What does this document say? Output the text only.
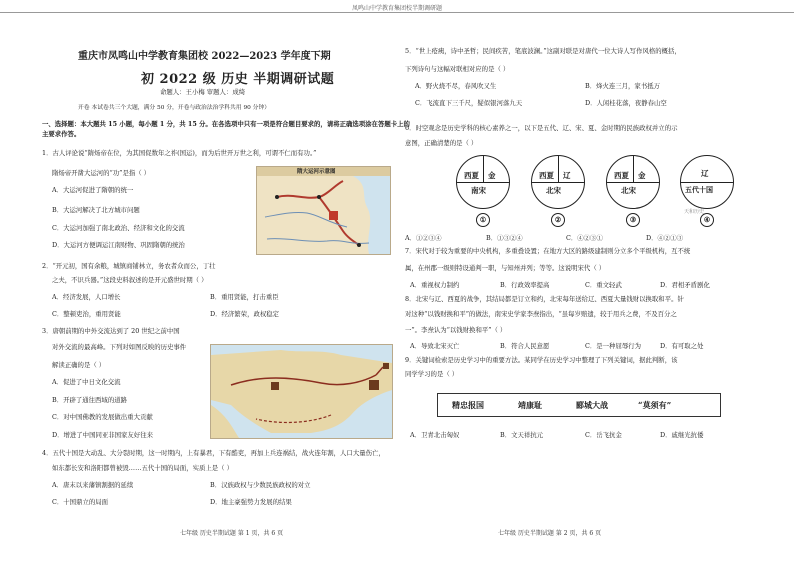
凤鸣山中学教育集团校半期调研题
重庆市凤鸣山中学教育集团校 2022—2023 学年度下期
初 2022 级 历史 半期调研试题
命题人：王小梅 审题人：成绮
开卷 本试卷共三个大题，满分 50 分，开卷与政治法治学科共用 90 分钟）
一、选择题：本大题共 15 小题，每小题 1 分，共 15 分。在各选项中只有一项是符合题目要求的，请将正确选项涂在答题卡上的
主要求作答。
1．古人评论说“隋炀帝在位，为其国促数年之祚(国运)，而为后世开万世之利，可谓不仁而有功。”
隋炀帝开凿大运河的“功”是指（ ）
A．大运河促进了隋朝的统一
B．大运河解决了北方城市问题
C．大运河加强了南北政治、经济和文化的交流
D．大运河方便调运江南财物、巩固隋朝的统治
隋大运河示意图
2．“开元初，国有余粮，城镇商铺林立，务农者众而公，丁壮
之夫，不识兵器。”这段史料叙述的是开元盛世时期（ ）
A．经济发展，人口增长	B．重用贤能，打击重臣
C．整顿吏治，重用贤能	D．经济繁荣，政权稳定
3．唐朝前期的中外交流达到了 20 世纪之前中国
对外交流的最高峰。下列对如图反映的历史事件
解读正确的是（ ）
A．促进了中日文化交流
B．开辟了通往西域的道路
C．对中国佛教的发展做出重大贡献
D．增进了中国同亚非国家友好往来
4．五代十国是大动乱、大分裂时期，这一时期内，上有暴君，下有酷吏，再加上兵连祸结，战火连年割，人口大量伤亡，
如东都长安和洛阳都曾被毁……五代十国的局面，实质上是（ ）
A．唐末以来藩镇割据的延续	B．汉族政权与少数民族政权的对立
C．十国鼎立的局面	D．地主豪强势力发展的结果
七年级 历史半期试题 第 1 页，共 6 页
5．“世上疮痍，诗中圣哲；民间疾苦，笔底波澜。”这副对联是对唐代一位大诗人写作风格的概括，
下列诗句与这幅对联相对应的是（ ）
A．野火烧不尽，春风吹又生	B．烽火连三月，家书抵万
C．飞流直下三千尺，疑似银河落九天	D．人闲桂花落，夜静春山空
6．时空观念是历史学科的核心素养之一，以下是五代、辽、宋、夏、金时期的民族政权并立的示
意图，正确清楚的是（ ）
西夏 金
南宋
①
西夏 辽
北宋
②
西夏 金
北宋
③
辽
五代十国
④
天和历史
A．①②③④	B．①③②④	C．④②③①	D．④②①③
7．宋代对于较为重要的中央机构，多重叠设置；在地方大区的路级建制则分立多个平级机构，互不统
属，在州郡一级则特设通判一职，与知州并列；等等。这说明宋代（ ）
A．重视权力制约	B．行政效率提高	C．重文轻武	D．君相矛盾剧化
8．北宋与辽、西夏的战争，其结局都是订立和约，北宋每年送给辽、西夏大量钱财以换取和平。针
对这种“以钱财换和平”的做法，南宋史学家李焘指出，“虽每岁赔遗，较于用兵之费，不及百分之
一”。李焘认为“以钱财换和平”（ ）
A．导致北宋灭亡	B．符合人民意愿	C．是一种屈辱行为	D．有可取之处
9．关键词检索是历史学习中的重要方法。某同学在历史学习中整理了下列关键词，据此判断，该
同学学习的是（ ）
精忠报国	靖康耻	郾城大战	“莫须有”
A．卫青北击匈奴	B．文天祥抗元	C．岳飞抗金	D．戚继光抗倭
七年级 历史半期试题 第 2 页，共 6 页
